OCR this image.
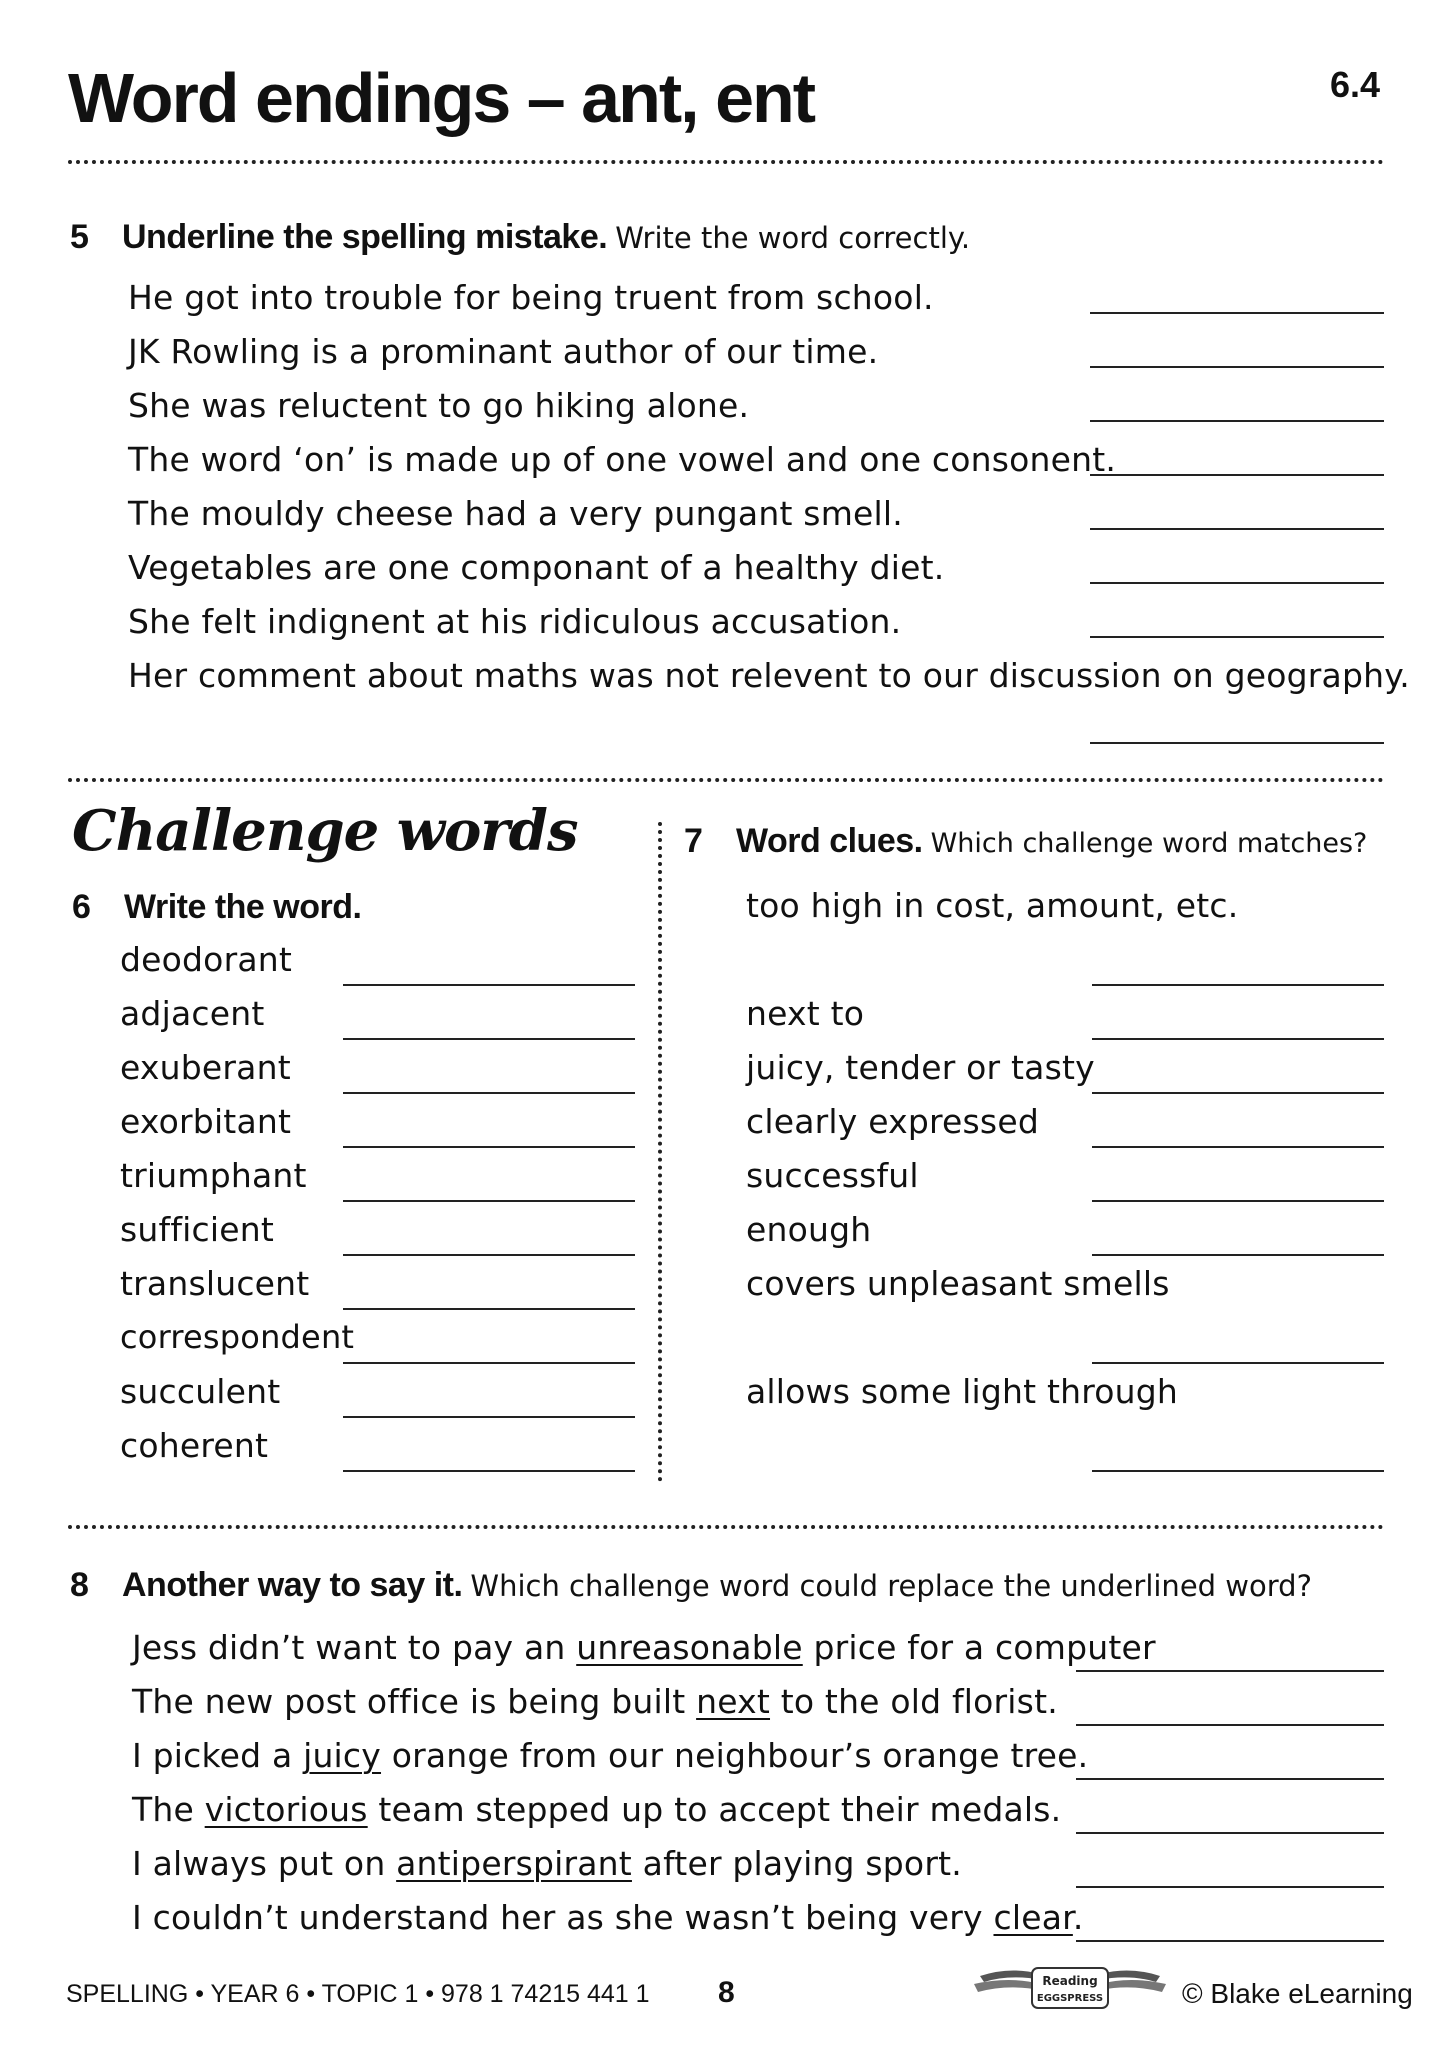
Word endings – ant, ent	6.4
5 Underline the spelling mistake. Write the word correctly.
He got into trouble for being truent from school.
JK Rowling is a prominant author of our time.
She was reluctent to go hiking alone.
The word ‘on’ is made up of one vowel and one consonent.
The mouldy cheese had a very pungant smell.
Vegetables are one componant of a healthy diet.
She felt indignent at his ridiculous accusation.
Her comment about maths was not relevent to our discussion on geography.
Challenge words
6 Write the word.
deodorant
adjacent
exuberant
exorbitant
triumphant
sufficient
translucent
correspondent
succulent
coherent
7 Word clues. Which challenge word matches?
too high in cost, amount, etc.
next to
juicy, tender or tasty
clearly expressed
successful
enough
covers unpleasant smells
allows some light through
8 Another way to say it. Which challenge word could replace the underlined word?
Jess didn’t want to pay an unreasonable price for a computer
The new post office is being built next to the old florist.
I picked a juicy orange from our neighbour’s orange tree.
The victorious team stepped up to accept their medals.
I always put on antiperspirant after playing sport.
I couldn’t understand her as she wasn’t being very clear.
SPELLING • YEAR 6 • TOPIC 1 • 978 1 74215 441 1 8	Reading
EGGSPRESS	© Blake eLearning
